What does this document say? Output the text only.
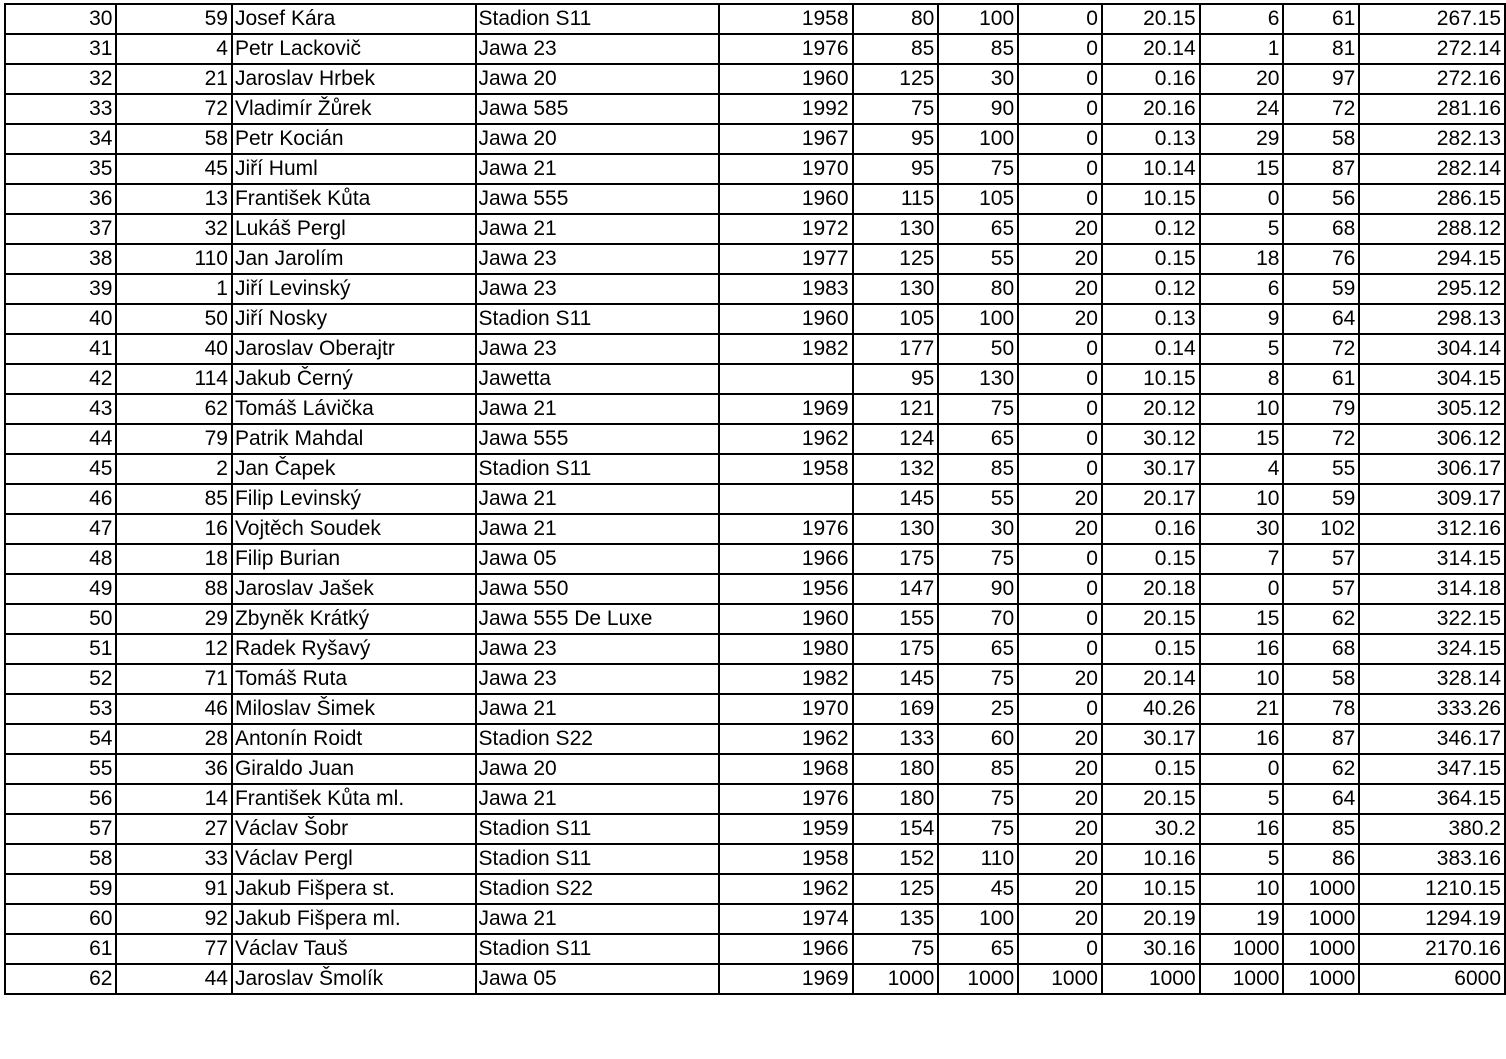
30	59	Josef Kára	Stadion S11	1958	80	100	0	20.15	6	61	267.15
31	4	Petr Lackovič	Jawa 23	1976	85	85	0	20.14	1	81	272.14
32	21	Jaroslav Hrbek	Jawa 20	1960	125	30	0	0.16	20	97	272.16
33	72	Vladimír Žůrek	Jawa 585	1992	75	90	0	20.16	24	72	281.16
34	58	Petr Kocián	Jawa 20	1967	95	100	0	0.13	29	58	282.13
35	45	Jiří Huml	Jawa 21	1970	95	75	0	10.14	15	87	282.14
36	13	František Kůta	Jawa 555	1960	115	105	0	10.15	0	56	286.15
37	32	Lukáš Pergl	Jawa 21	1972	130	65	20	0.12	5	68	288.12
38	110	Jan Jarolím	Jawa 23	1977	125	55	20	0.15	18	76	294.15
39	1	Jiří Levinský	Jawa 23	1983	130	80	20	0.12	6	59	295.12
40	50	Jiří Nosky	Stadion S11	1960	105	100	20	0.13	9	64	298.13
41	40	Jaroslav Oberajtr	Jawa 23	1982	177	50	0	0.14	5	72	304.14
42	114	Jakub Černý	Jawetta		95	130	0	10.15	8	61	304.15
43	62	Tomáš Lávička	Jawa 21	1969	121	75	0	20.12	10	79	305.12
44	79	Patrik Mahdal	Jawa 555	1962	124	65	0	30.12	15	72	306.12
45	2	Jan Čapek	Stadion S11	1958	132	85	0	30.17	4	55	306.17
46	85	Filip Levinský	Jawa 21		145	55	20	20.17	10	59	309.17
47	16	Vojtěch Soudek	Jawa 21	1976	130	30	20	0.16	30	102	312.16
48	18	Filip Burian	Jawa 05	1966	175	75	0	0.15	7	57	314.15
49	88	Jaroslav Jašek	Jawa 550	1956	147	90	0	20.18	0	57	314.18
50	29	Zbyněk Krátký	Jawa 555 De Luxe	1960	155	70	0	20.15	15	62	322.15
51	12	Radek Ryšavý	Jawa 23	1980	175	65	0	0.15	16	68	324.15
52	71	Tomáš Ruta	Jawa 23	1982	145	75	20	20.14	10	58	328.14
53	46	Miloslav Šimek	Jawa 21	1970	169	25	0	40.26	21	78	333.26
54	28	Antonín Roidt	Stadion S22	1962	133	60	20	30.17	16	87	346.17
55	36	Giraldo Juan	Jawa 20	1968	180	85	20	0.15	0	62	347.15
56	14	František Kůta ml.	Jawa 21	1976	180	75	20	20.15	5	64	364.15
57	27	Václav Šobr	Stadion S11	1959	154	75	20	30.2	16	85	380.2
58	33	Václav Pergl	Stadion S11	1958	152	110	20	10.16	5	86	383.16
59	91	Jakub Fišpera st.	Stadion S22	1962	125	45	20	10.15	10	1000	1210.15
60	92	Jakub Fišpera ml.	Jawa 21	1974	135	100	20	20.19	19	1000	1294.19
61	77	Václav Tauš	Stadion S11	1966	75	65	0	30.16	1000	1000	2170.16
62	44	Jaroslav Šmolík	Jawa 05	1969	1000	1000	1000	1000	1000	1000	6000
